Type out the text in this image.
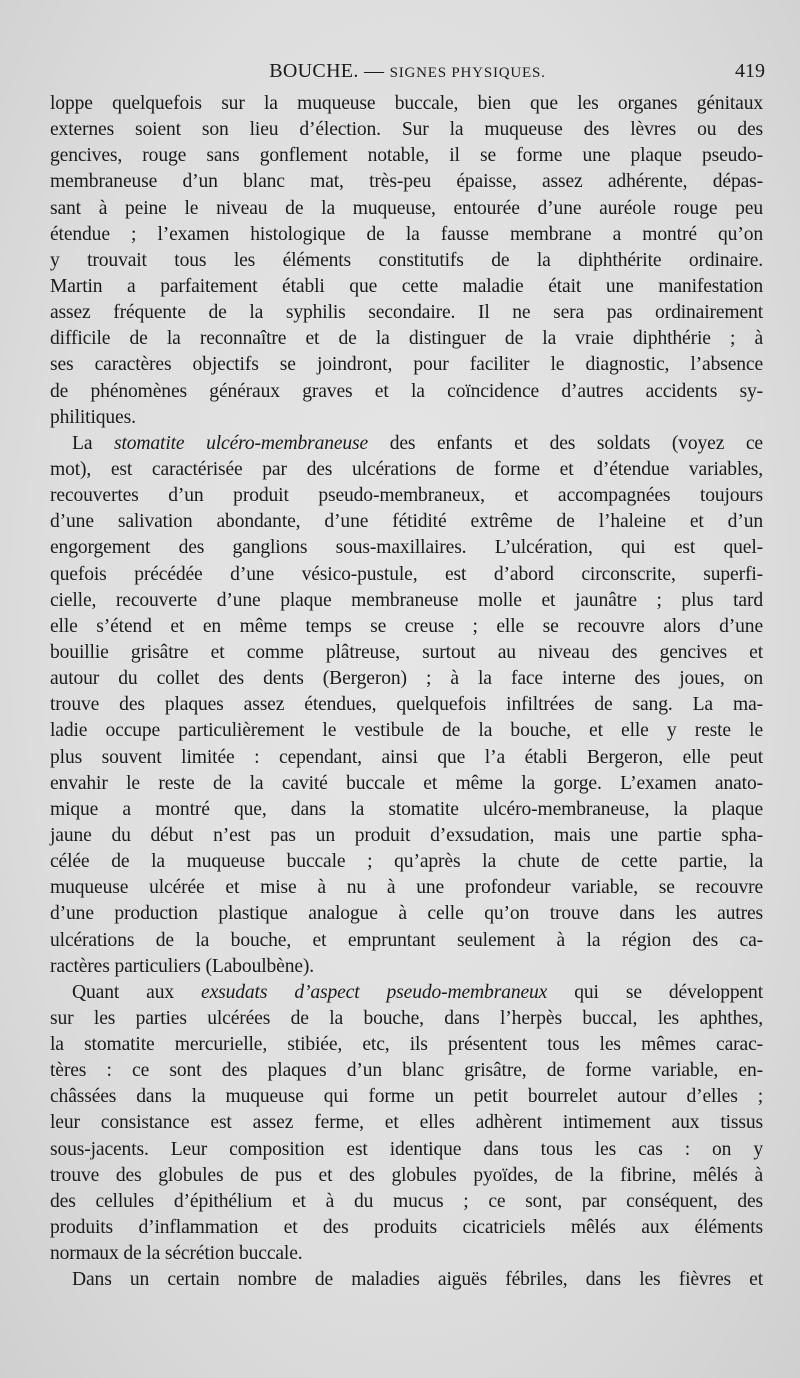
BOUCHE. — SIGNES PHYSIQUES.	419
loppe quelquefois sur la muqueuse buccale, bien que les organes génitaux
externes soient son lieu d’élection. Sur la muqueuse des lèvres ou des
gencives, rouge sans gonflement notable, il se forme une plaque pseudo-
membraneuse d’un blanc mat, très-peu épaisse, assez adhérente, dépas-
sant à peine le niveau de la muqueuse, entourée d’une auréole rouge peu
étendue ; l’examen histologique de la fausse membrane a montré qu’on
y trouvait tous les éléments constitutifs de la diphthérite ordinaire.
Martin a parfaitement établi que cette maladie était une manifestation
assez fréquente de la syphilis secondaire. Il ne sera pas ordinairement
difficile de la reconnaître et de la distinguer de la vraie diphthérie ; à
ses caractères objectifs se joindront, pour faciliter le diagnostic, l’absence
de phénomènes généraux graves et la coïncidence d’autres accidents sy-
philitiques.
La stomatite ulcéro-membraneuse des enfants et des soldats (voyez ce
mot), est caractérisée par des ulcérations de forme et d’étendue variables,
recouvertes d’un produit pseudo-membraneux, et accompagnées toujours
d’une salivation abondante, d’une fétidité extrême de l’haleine et d’un
engorgement des ganglions sous-maxillaires. L’ulcération, qui est quel-
quefois précédée d’une vésico-pustule, est d’abord circonscrite, superfi-
cielle, recouverte d’une plaque membraneuse molle et jaunâtre ; plus tard
elle s’étend et en même temps se creuse ; elle se recouvre alors d’une
bouillie grisâtre et comme plâtreuse, surtout au niveau des gencives et
autour du collet des dents (Bergeron) ; à la face interne des joues, on
trouve des plaques assez étendues, quelquefois infiltrées de sang. La ma-
ladie occupe particulièrement le vestibule de la bouche, et elle y reste le
plus souvent limitée : cependant, ainsi que l’a établi Bergeron, elle peut
envahir le reste de la cavité buccale et même la gorge. L’examen anato-
mique a montré que, dans la stomatite ulcéro-membraneuse, la plaque
jaune du début n’est pas un produit d’exsudation, mais une partie spha-
célée de la muqueuse buccale ; qu’après la chute de cette partie, la
muqueuse ulcérée et mise à nu à une profondeur variable, se recouvre
d’une production plastique analogue à celle qu’on trouve dans les autres
ulcérations de la bouche, et empruntant seulement à la région des ca-
ractères particuliers (Laboulbène).
Quant aux exsudats d’aspect pseudo-membraneux qui se développent
sur les parties ulcérées de la bouche, dans l’herpès buccal, les aphthes,
la stomatite mercurielle, stibiée, etc, ils présentent tous les mêmes carac-
tères : ce sont des plaques d’un blanc grisâtre, de forme variable, en-
châssées dans la muqueuse qui forme un petit bourrelet autour d’elles ;
leur consistance est assez ferme, et elles adhèrent intimement aux tissus
sous-jacents. Leur composition est identique dans tous les cas : on y
trouve des globules de pus et des globules pyoïdes, de la fibrine, mêlés à
des cellules d’épithélium et à du mucus ; ce sont, par conséquent, des
produits d’inflammation et des produits cicatriciels mêlés aux éléments
normaux de la sécrétion buccale.
Dans un certain nombre de maladies aiguës fébriles, dans les fièvres et
